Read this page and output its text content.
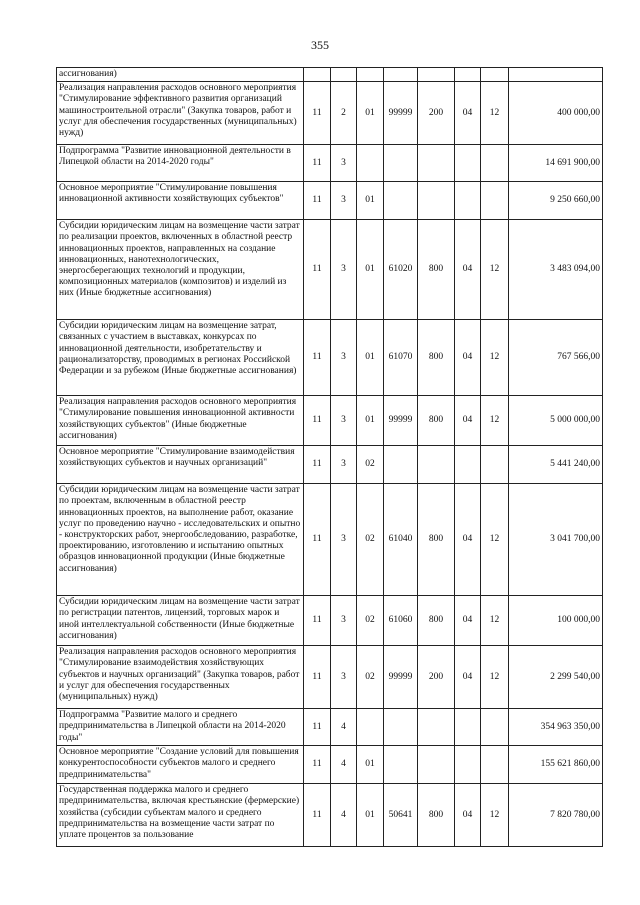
355
ассигнования)								
Реализация направления расходов основного мероприятия "Стимулирование эффективного развития организаций машиностроительной отрасли" (Закупка товаров, работ и услуг для обеспечения государственных (муниципальных) нужд)	11	2	01	99999	200	04	12	400 000,00
Подпрограмма "Развитие инновационной деятельности в Липецкой области на 2014-2020 годы"	11	3						14 691 900,00
Основное мероприятие "Стимулирование повышения инновационной активности хозяйствующих субъектов"	11	3	01					9 250 660,00
Субсидии юридическим лицам на возмещение части затрат по реализации проектов, включенных в областной реестр инновационных проектов, направленных на создание инновационных, нанотехнологических, энергосберегающих технологий и продукции, композиционных материалов (композитов) и изделий из них (Иные бюджетные ассигнования)	11	3	01	61020	800	04	12	3 483 094,00
Субсидии юридическим лицам на возмещение затрат, связанных с участием в выставках, конкурсах по инновационной деятельности, изобретательству и рационализаторству, проводимых в регионах Российской Федерации и за рубежом (Иные бюджетные ассигнования)	11	3	01	61070	800	04	12	767 566,00
Реализация направления расходов основного мероприятия "Стимулирование повышения инновационной активности хозяйствующих субъектов" (Иные бюджетные ассигнования)	11	3	01	99999	800	04	12	5 000 000,00
Основное мероприятие "Стимулирование взаимодействия хозяйствующих субъектов и научных организаций"	11	3	02					5 441 240,00
Субсидии юридическим лицам на возмещение части затрат по проектам, включенным в областной реестр инновационных проектов, на выполнение работ, оказание услуг по проведению научно - исследовательских и опытно - конструкторских работ, энергообследованию, разработке, проектированию, изготовлению и испытанию опытных образцов инновационной продукции (Иные бюджетные ассигнования)	11	3	02	61040	800	04	12	3 041 700,00
Субсидии юридическим лицам на возмещение части затрат по регистрации патентов, лицензий, торговых марок и иной интеллектуальной собственности (Иные бюджетные ассигнования)	11	3	02	61060	800	04	12	100 000,00
Реализация направления расходов основного мероприятия "Стимулирование взаимодействия хозяйствующих субъектов и научных организаций" (Закупка товаров, работ и услуг для обеспечения государственных (муниципальных) нужд)	11	3	02	99999	200	04	12	2 299 540,00
Подпрограмма "Развитие малого и среднего предпринимательства в Липецкой области на 2014-2020 годы"	11	4						354 963 350,00
Основное мероприятие "Создание условий для повышения конкурентоспособности субъектов малого и среднего предпринимательства"	11	4	01					155 621 860,00
Государственная поддержка малого и среднего предпринимательства, включая крестьянские (фермерские) хозяйства (субсидии субъектам малого и среднего предпринимательства на возмещение части затрат по уплате процентов за пользование	11	4	01	50641	800	04	12	7 820 780,00
